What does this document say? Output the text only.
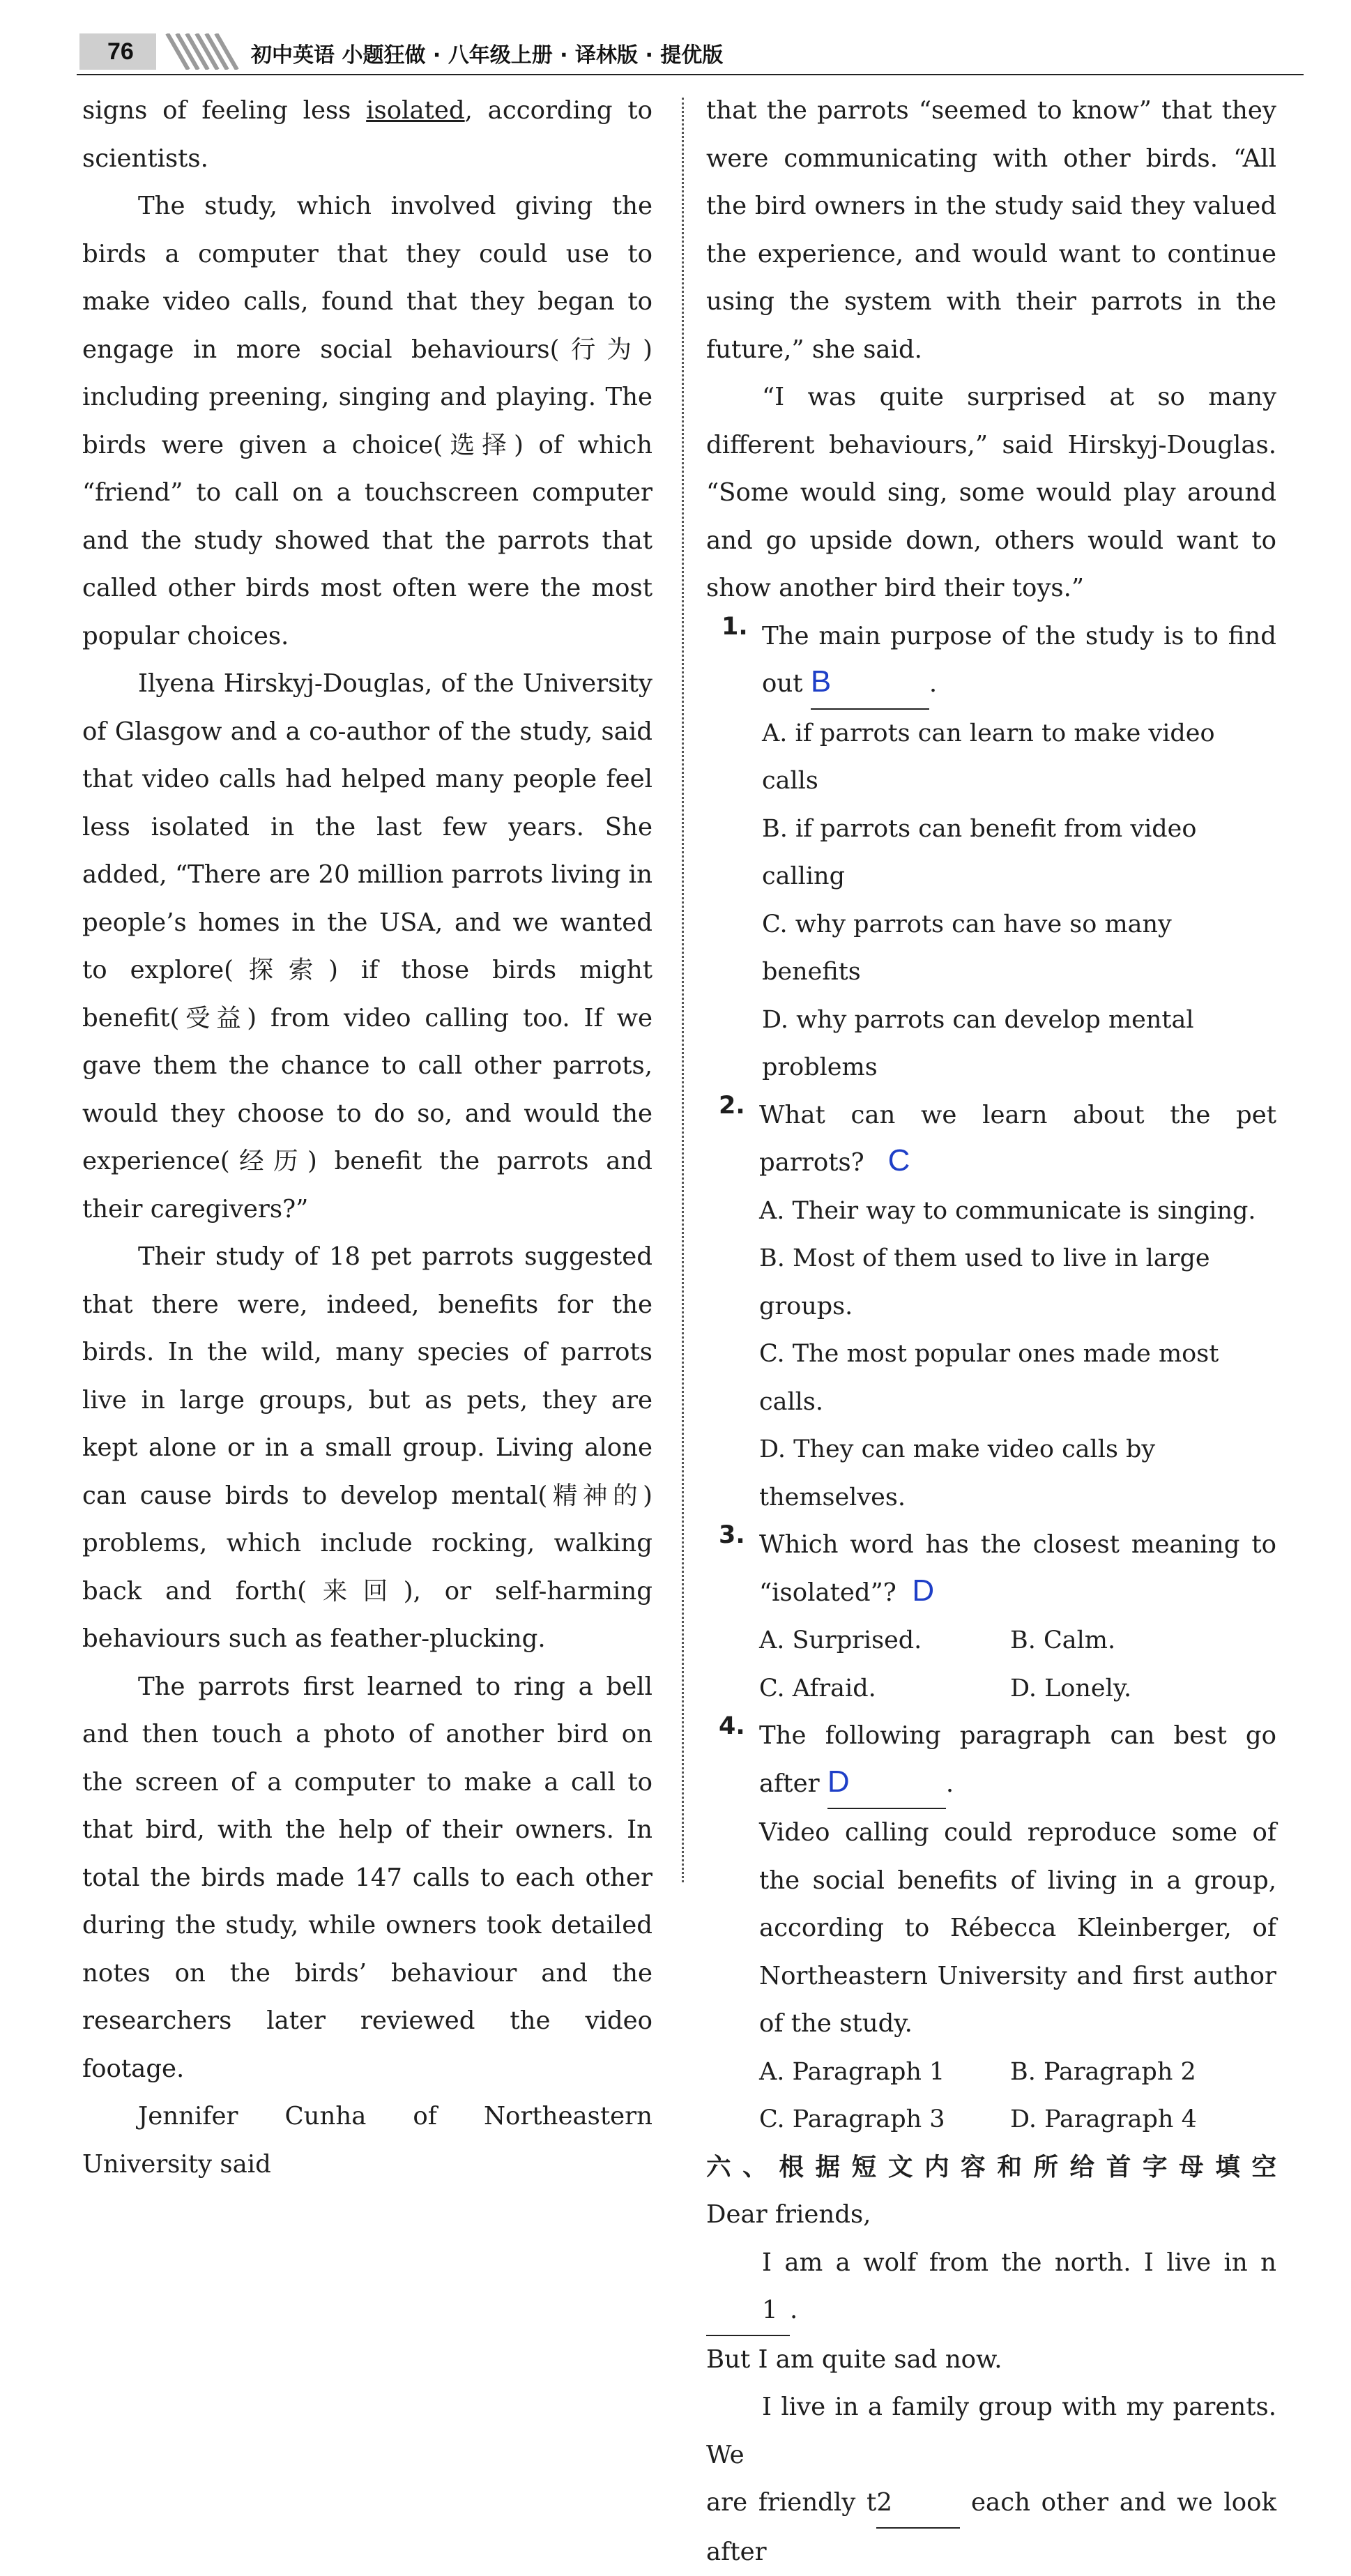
76	初中英语 小题狂做 · 八年级上册 · 译林版 · 提优版

signs of feeling less isolated, according to scientists.

The study, which involved giving the birds a computer that they could use to make video calls, found that they began to engage in more social behaviours(行为) including preening, singing and playing. The birds were given a choice(选择) of which “friend” to call on a touchscreen computer and the study showed that the parrots that called other birds most often were the most popular choices.

Ilyena Hirskyj-Douglas, of the University of Glasgow and a co-author of the study, said that video calls had helped many people feel less isolated in the last few years. She added, “There are 20 million parrots living in people’s homes in the USA, and we wanted to explore(探索) if those birds might benefit(受益) from video calling too. If we gave them the chance to call other parrots, would they choose to do so, and would the experience(经历) benefit the parrots and their caregivers?”

Their study of 18 pet parrots suggested that there were, indeed, benefits for the birds. In the wild, many species of parrots live in large groups, but as pets, they are kept alone or in a small group. Living alone can cause birds to develop mental(精神的) problems, which include rocking, walking back and forth(来回), or self-harming behaviours such as feather-plucking.

The parrots first learned to ring a bell and then touch a photo of another bird on the screen of a computer to make a call to that bird, with the help of their owners. In total the birds made 147 calls to each other during the study, while owners took detailed notes on the birds’ behaviour and the researchers later reviewed the video footage.

Jennifer Cunha of Northeastern University said

that the parrots “seemed to know” that they were communicating with other birds. “All the bird owners in the study said they valued the experience, and would want to continue using the system with their parrots in the future,” she said.

“I was quite surprised at so many different behaviours,” said Hirskyj-Douglas. “Some would sing, some would play around and go upside down, others would want to show another bird their toys.”

1. The main purpose of the study is to find

out B	.

A. if parrots can learn to make video calls
B. if parrots can benefit from video calling
C. why parrots can have so many benefits
D. why parrots can develop mental problems
2. What can we learn about the pet parrots? C

A. Their way to communicate is singing.
B. Most of them used to live in large groups.
C. The most popular ones made most calls.
D. They can make video calls by themselves.
3. Which word has the closest meaning to

“isolated”? D

A. Surprised.	B. Calm.
C. Afraid.	D. Lonely.
4. The following paragraph can best go

after D	.

Video calling could reproduce some of the social benefits of living in a group, according to Rébecca Kleinberger, of Northeastern University and first author of the study.

A. Paragraph 1	B. Paragraph 2
C. Paragraph 3	D. Paragraph 4

六、根据短文内容和所给首字母填空

Dear friends,

I am a wolf from the north. I live in n1 .

But I am quite sad now.

I live in a family group with my parents. We

are friendly t2	each other and we look after
